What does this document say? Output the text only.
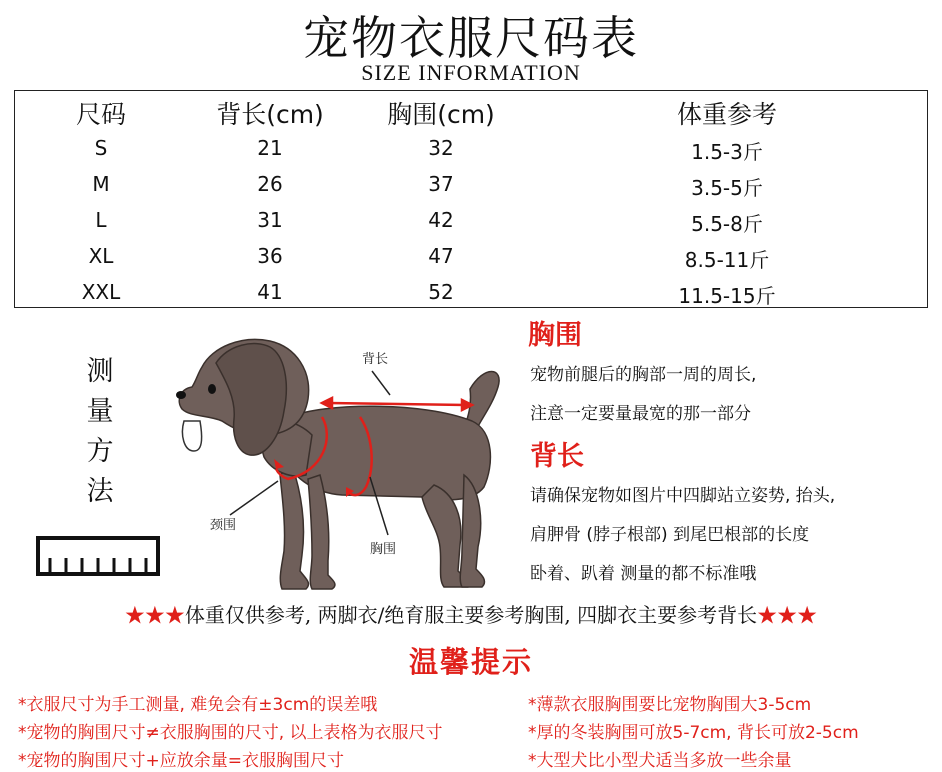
宠物衣服尺码表
SIZE INFORMATION
尺码	背长(cm)	胸围(cm)	体重参考
S	21	32	1.5-3斤
M	26	37	3.5-5斤
L	31	42	5.5-8斤
XL	36	47	8.5-11斤
XXL	41	52	11.5-15斤
测
量
方
法
背长
颈围
胸围
胸围
宠物前腿后的胸部一周的周长,
注意一定要量最宽的那一部分
背长
请确保宠物如图片中四脚站立姿势, 抬头,
肩胛骨 (脖子根部) 到尾巴根部的长度
卧着、趴着 测量的都不标准哦
★★★体重仅供参考, 两脚衣/绝育服主要参考胸围, 四脚衣主要参考背长★★★
温馨提示
*衣服尺寸为手工测量, 难免会有±3cm的误差哦
*宠物的胸围尺寸≠衣服胸围的尺寸, 以上表格为衣服尺寸
*宠物的胸围尺寸+应放余量=衣服胸围尺寸
*薄款衣服胸围要比宠物胸围大3-5cm
*厚的冬装胸围可放5-7cm, 背长可放2-5cm
*大型犬比小型犬适当多放一些余量
